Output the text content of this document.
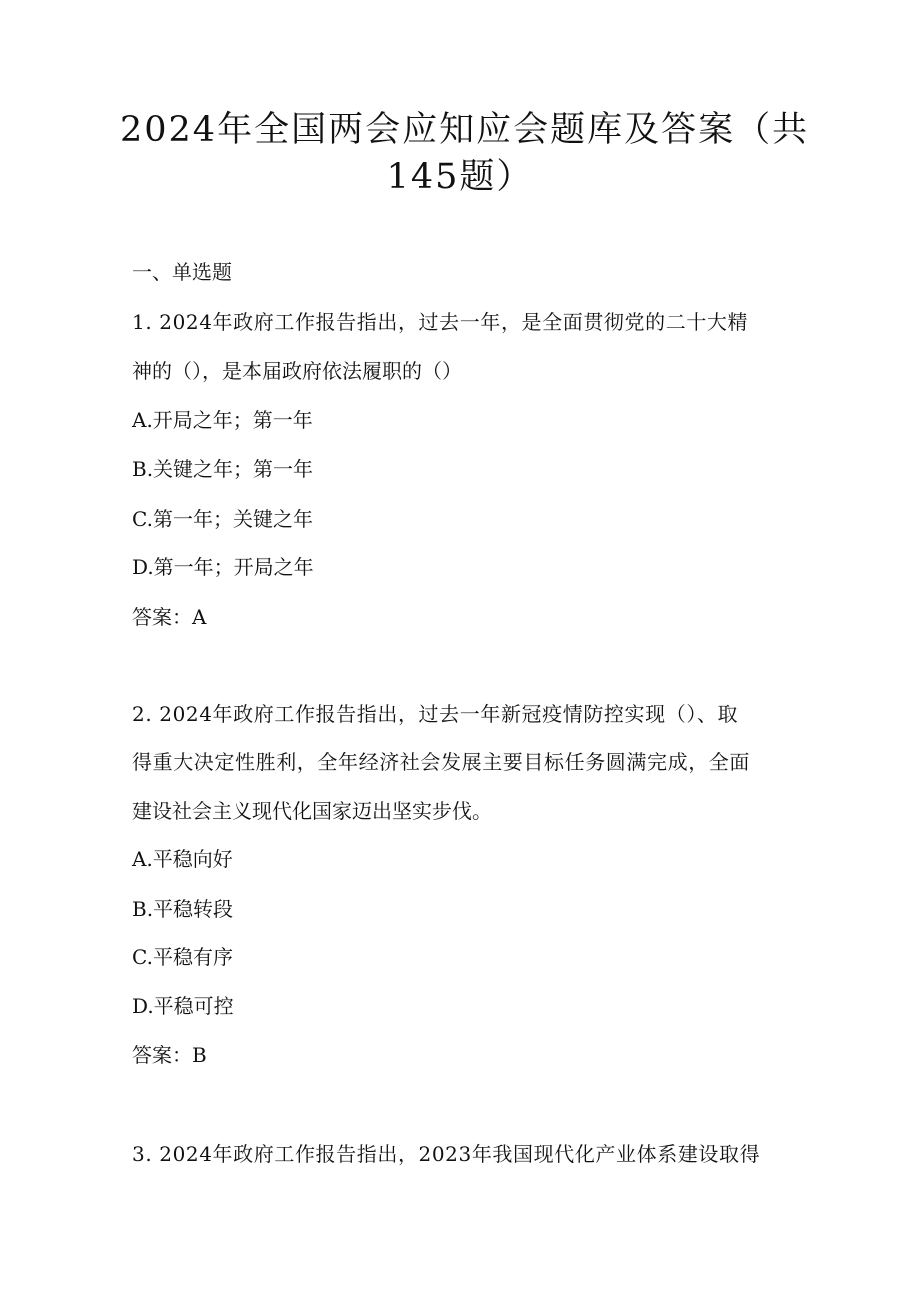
2024年全国两会应知应会题库及答案（共
145题）
一、单选题
1. 2024年政府工作报告指出，过去一年，是全面贯彻党的二十大精
神的（），是本届政府依法履职的（）
A.开局之年；第一年
B.关键之年；第一年
C.第一年；关键之年
D.第一年；开局之年
答案：A
2. 2024年政府工作报告指出，过去一年新冠疫情防控实现（）、取
得重大决定性胜利，全年经济社会发展主要目标任务圆满完成，全面
建设社会主义现代化国家迈出坚实步伐。
A.平稳向好
B.平稳转段
C.平稳有序
D.平稳可控
答案：B
3. 2024年政府工作报告指出，2023年我国现代化产业体系建设取得
